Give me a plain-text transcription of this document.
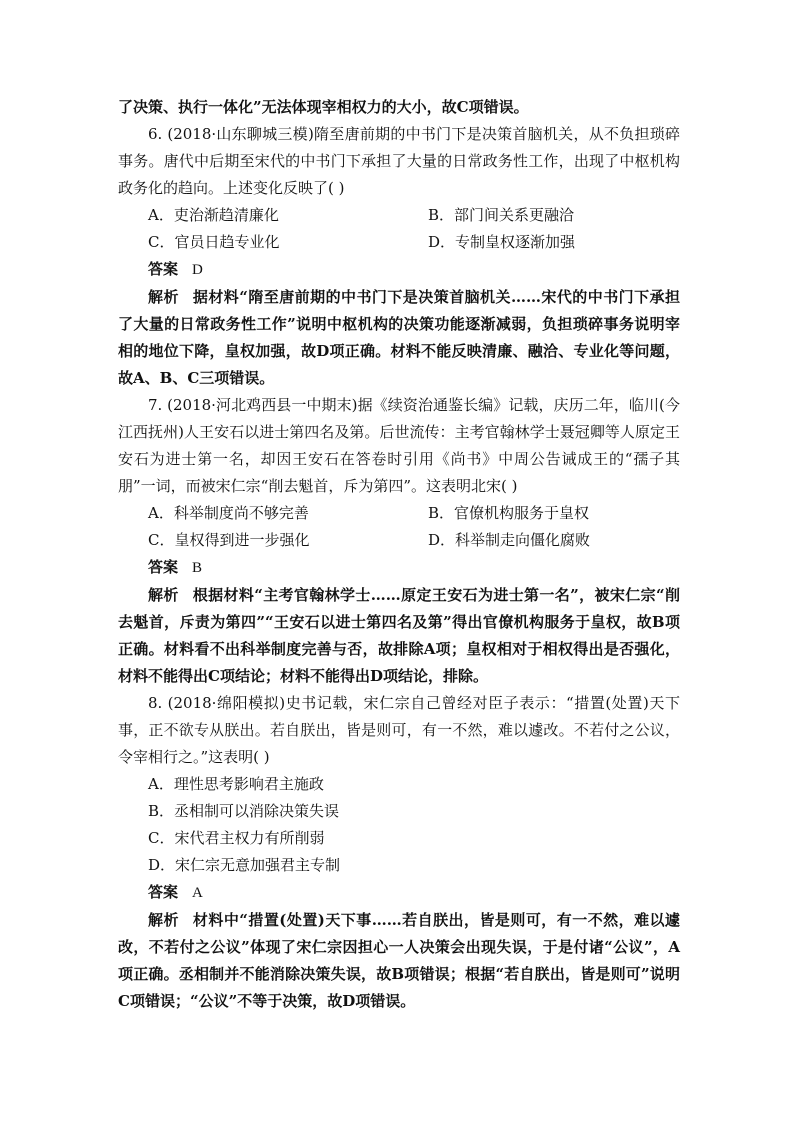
了决策、执行一体化”无法体现宰相权力的大小，故C项错误。

6. (2018·山东聊城三模)隋至唐前期的中书门下是决策首脑机关，从不负担琐碎事务。唐代中后期至宋代的中书门下承担了大量的日常政务性工作，出现了中枢机构政务化的趋向。上述变化反映了( )

A．吏治渐趋清廉化	B．部门间关系更融洽
C．官员日趋专业化	D．专制皇权逐渐加强
答案 D

解析 据材料“隋至唐前期的中书门下是决策首脑机关……宋代的中书门下承担了大量的日常政务性工作”说明中枢机构的决策功能逐渐减弱，负担琐碎事务说明宰相的地位下降，皇权加强，故D项正确。材料不能反映清廉、融洽、专业化等问题，故A、B、C三项错误。

7. (2018·河北鸡西县一中期末)据《续资治通鉴长编》记载，庆历二年，临川(今江西抚州)人王安石以进士第四名及第。后世流传：主考官翰林学士聂冠卿等人原定王安石为进士第一名，却因王安石在答卷时引用《尚书》中周公告诫成王的“孺子其朋”一词，而被宋仁宗“削去魁首，斥为第四”。这表明北宋( )

A．科举制度尚不够完善	B．官僚机构服务于皇权
C．皇权得到进一步强化	D．科举制走向僵化腐败
答案 B

解析 根据材料“主考官翰林学士……原定王安石为进士第一名”，被宋仁宗“削去魁首，斥责为第四”“王安石以进士第四名及第”得出官僚机构服务于皇权，故B项正确。材料看不出科举制度完善与否，故排除A项；皇权相对于相权得出是否强化，材料不能得出C项结论；材料不能得出D项结论，排除。

8. (2018·绵阳模拟)史书记载，宋仁宗自己曾经对臣子表示：“措置(处置)天下事，正不欲专从朕出。若自朕出，皆是则可，有一不然，难以遽改。不若付之公议，令宰相行之。”这表明( )

A．理性思考影响君主施政
B．丞相制可以消除决策失误
C．宋代君主权力有所削弱
D．宋仁宗无意加强君主专制
答案 A

解析 材料中“措置(处置)天下事……若自朕出，皆是则可，有一不然，难以遽改，不若付之公议”体现了宋仁宗因担心一人决策会出现失误，于是付诸“公议”，A项正确。丞相制并不能消除决策失误，故B项错误；根据“若自朕出，皆是则可”说明C项错误；“公议”不等于决策，故D项错误。
